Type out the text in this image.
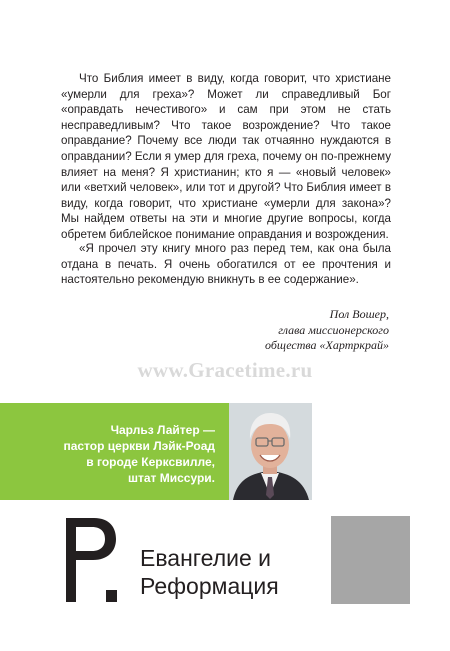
Что Библия имеет в виду, когда говорит, что христиане «умерли для греха»? Может ли справедливый Бог «оправдать нечестивого» и сам при этом не стать несправедливым? Что такое возрождение? Что такое оправдание? Почему все люди так отчаянно нуждаются в оправдании? Если я умер для греха, почему он по-прежнему влияет на меня? Я христианин; кто я — «новый человек» или «ветхий человек», или тот и другой? Что Библия имеет в виду, когда говорит, что христиане «умерли для закона»? Мы найдем ответы на эти и многие другие вопросы, когда обретем библейское понимание оправдания и возрождения.

«Я прочел эту книгу много раз перед тем, как она была отдана в печать. Я очень обогатился от ее прочтения и настоятельно рекомендую вникнуть в ее содержание».

Пол Вошер,
глава миссионерского
общества «Хартркрай»
www.Gracetime.ru
Чарльз Лайтер —
пастор церкви Лэйк-Роад
в городе Керксвилле,
штат Миссури.
Евангелие и
Реформация
